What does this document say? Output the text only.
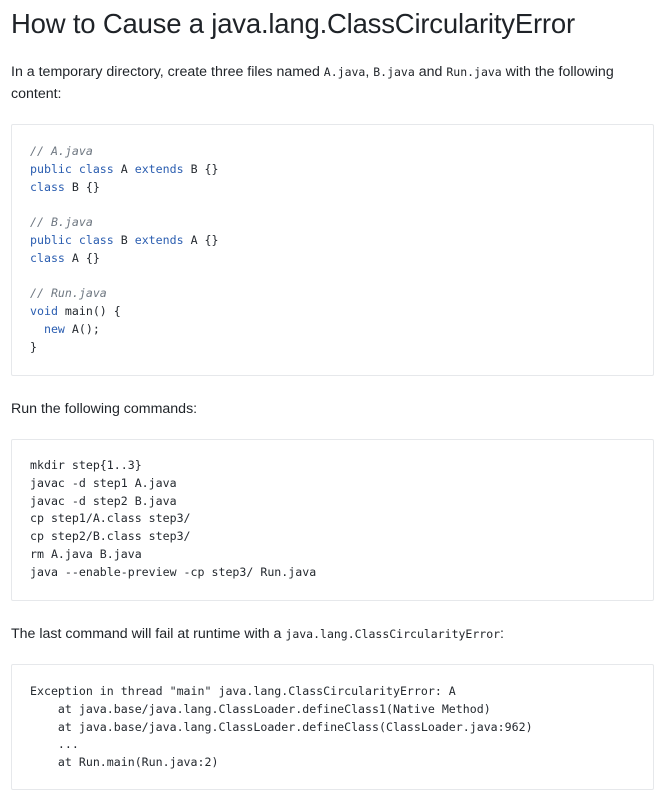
How to Cause a java.lang.ClassCircularityError

In a temporary directory, create three files named A.java, B.java and Run.java with the following content:

// A.java
public class A extends B {}
class B {}
// B.java
public class B extends A {}
class A {}
// Run.java
void main() {
new A();
}

Run the following commands:

mkdir step{1..3}
javac -d step1 A.java
javac -d step2 B.java
cp step1/A.class step3/
cp step2/B.class step3/
rm A.java B.java
java --enable-preview -cp step3/ Run.java

The last command will fail at runtime with a java.lang.ClassCircularityError:

Exception in thread "main" java.lang.ClassCircularityError: A
at java.base/java.lang.ClassLoader.defineClass1(Native Method)
at java.base/java.lang.ClassLoader.defineClass(ClassLoader.java:962)
...
at Run.main(Run.java:2)
